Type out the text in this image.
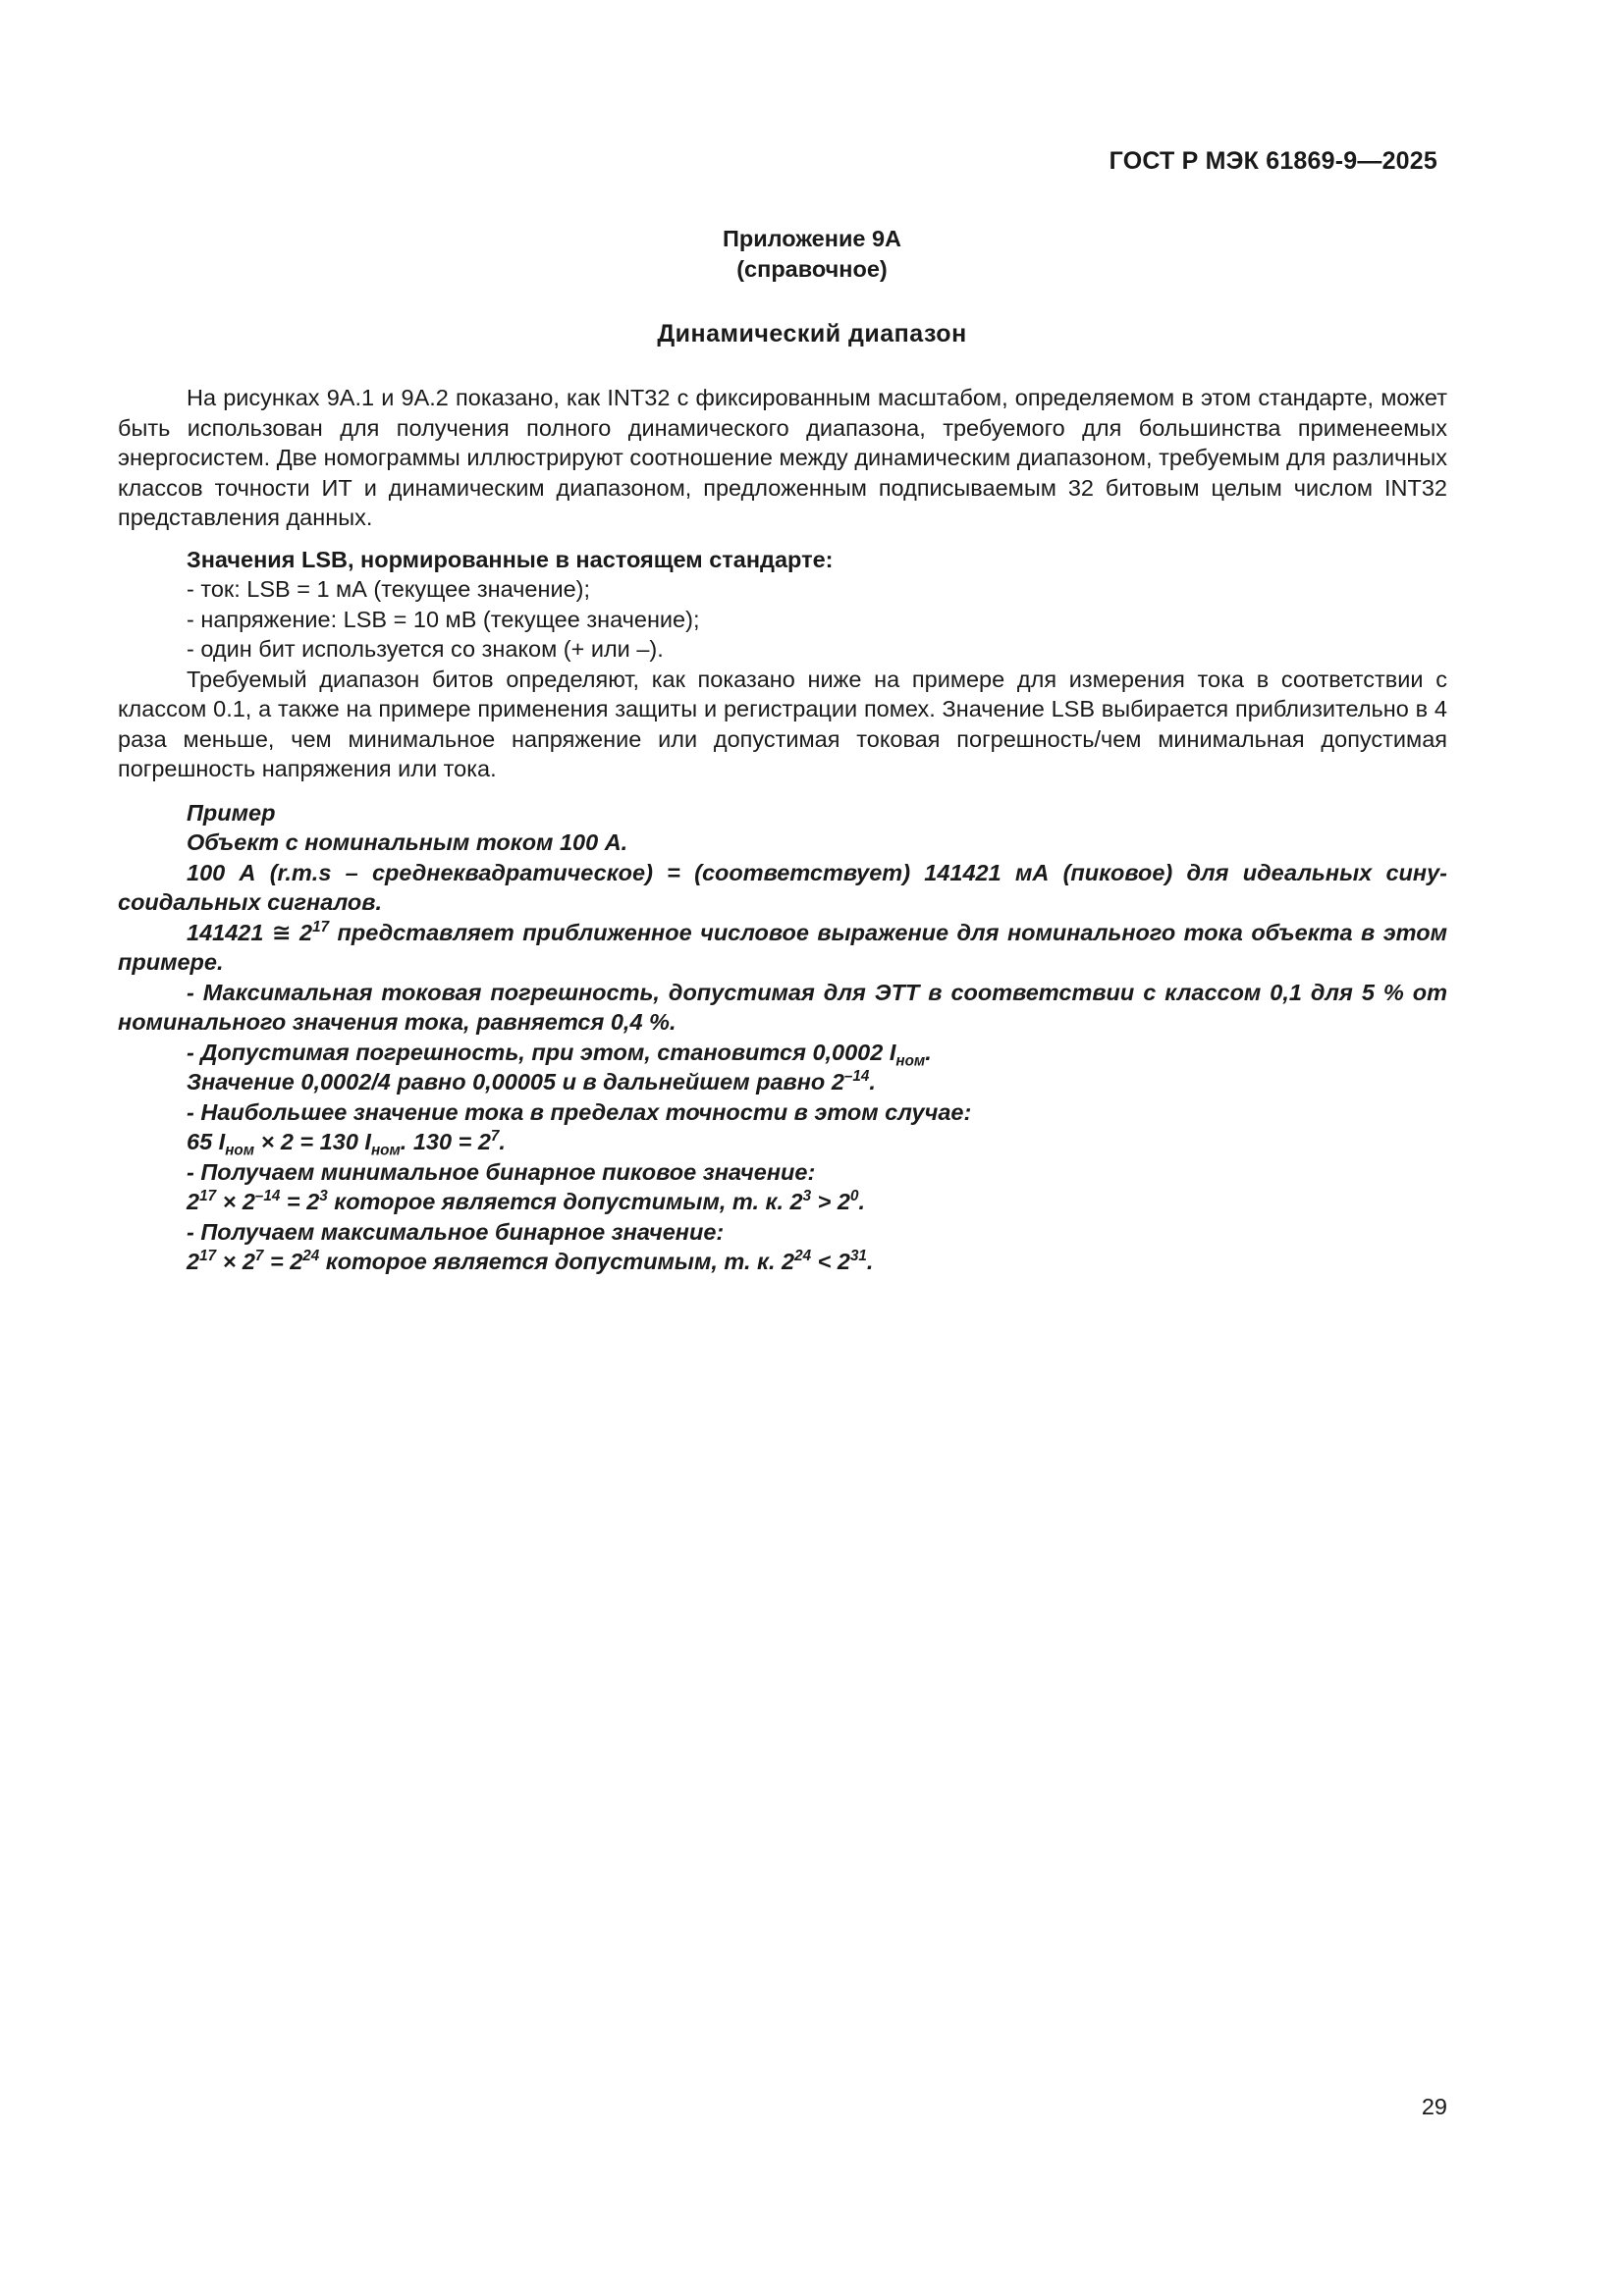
ГОСТ Р МЭК 61869-9—2025
Приложение 9А
(справочное)
Динамический диапазон

На рисунках 9А.1 и 9А.2 показано, как INT32 с фиксированным масштабом, определяемом в этом стандарте, может быть использован для получения полного динамического диапазона, требуемого для большинства применеемых энергосистем. Две номограммы иллюстрируют соотношение между динамическим диапазоном, требуемым для различных классов точности ИТ и динамическим диапазоном, предложенным подписываемым 32 битовым целым числом INT32 представления данных.

Значения LSB, нормированные в настоящем стандарте:
- ток: LSB = 1 мА (текущее значение);
- напряжение: LSB = 10 мВ (текущее значение);
- один бит используется со знаком (+ или –).

Требуемый диапазон битов определяют, как показано ниже на примере для измерения тока в соответствии с классом 0.1, а также на примере применения защиты и регистрации помех. Значение LSB выбирается приблизительно в 4 раза меньше, чем минимальное напряжение или допустимая токовая погрешность/чем минимальная допустимая погрешность напряжения или тока.

Пример

Объект с номинальным током 100 А.

100 А (r.m.s – среднеквадратическое) = (соответствует) 141421 мА (пиковое) для идеальных синусоидальных сигналов.

141421 ≅ $2^{17}$ представляет приближенное числовое выражение для номинального тока объекта в этом примере.

- Максимальная токовая погрешность, допустимая для ЭТТ в соответствии с классом 0,1 для 5 % от номинального значения тока, равняется 0,4 %.

- Допустимая погрешность, при этом, становится 0,0002 $I_{ном}$.

Значение 0,0002/4 равно 0,00005 и в дальнейшем равно $2^{-14}$.

- Наибольшее значение тока в пределах точности в этом случае:

65 $I_{ном} \times 2 = 130$ $I_{ном}$. $130 = 2^7$.

- Получаем минимальное бинарное пиковое значение:

$2^{17} \times 2^{-14} = 2^3$ которое является допустимым, т. к. $2^3 > 2^0$.

- Получаем максимальное бинарное значение:

$2^{17} \times 2^7 = 2^{24}$ которое является допустимым, т. к. $2^{24} < 2^{31}$.

29
